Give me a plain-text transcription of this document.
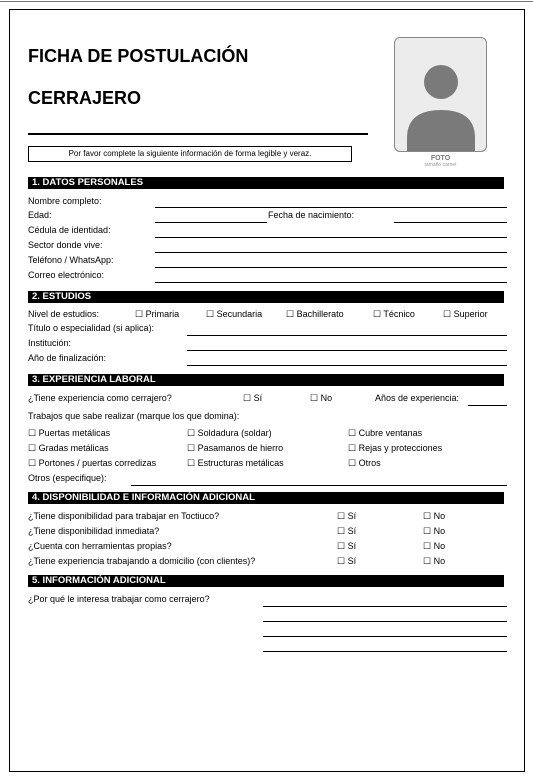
FICHA DE POSTULACIÓN
CERRAJERO
Por favor complete la siguiente información de forma legible y veraz.
FOTO
tamaño carnet
1. DATOS PERSONALES
Nombre completo:
Edad:	Fecha de nacimiento:
Cédula de identidad:
Sector donde vive:
Teléfono / WhatsApp:
Correo electrónico:
2. ESTUDIOS
Nivel de estudios:	☐ Primaria	☐ Secundaria	☐ Bachillerato	☐ Técnico	☐ Superior
Título o especialidad (si aplica):
Institución:
Año de finalización:
3. EXPERIENCIA LABORAL
¿Tiene experiencia como cerrajero?	☐ Sí	☐ No	Años de experiencia:
Trabajos que sabe realizar (marque los que domina):
☐ Puertas metálicas	☐ Soldadura (soldar)	☐ Cubre ventanas
☐ Gradas metálicas	☐ Pasamanos de hierro	☐ Rejas y protecciones
☐ Portones / puertas corredizas	☐ Estructuras metálicas	☐ Otros
Otros (especifique):
4. DISPONIBILIDAD E INFORMACIÓN ADICIONAL
¿Tiene disponibilidad para trabajar en Toctiuco?	☐ Sí	☐ No
¿Tiene disponibilidad inmediata?	☐ Sí	☐ No
¿Cuenta con herramientas propias?	☐ Sí	☐ No
¿Tiene experiencia trabajando a domicilio (con clientes)?	☐ Sí	☐ No
5. INFORMACIÓN ADICIONAL
¿Por qué le interesa trabajar como cerrajero?
